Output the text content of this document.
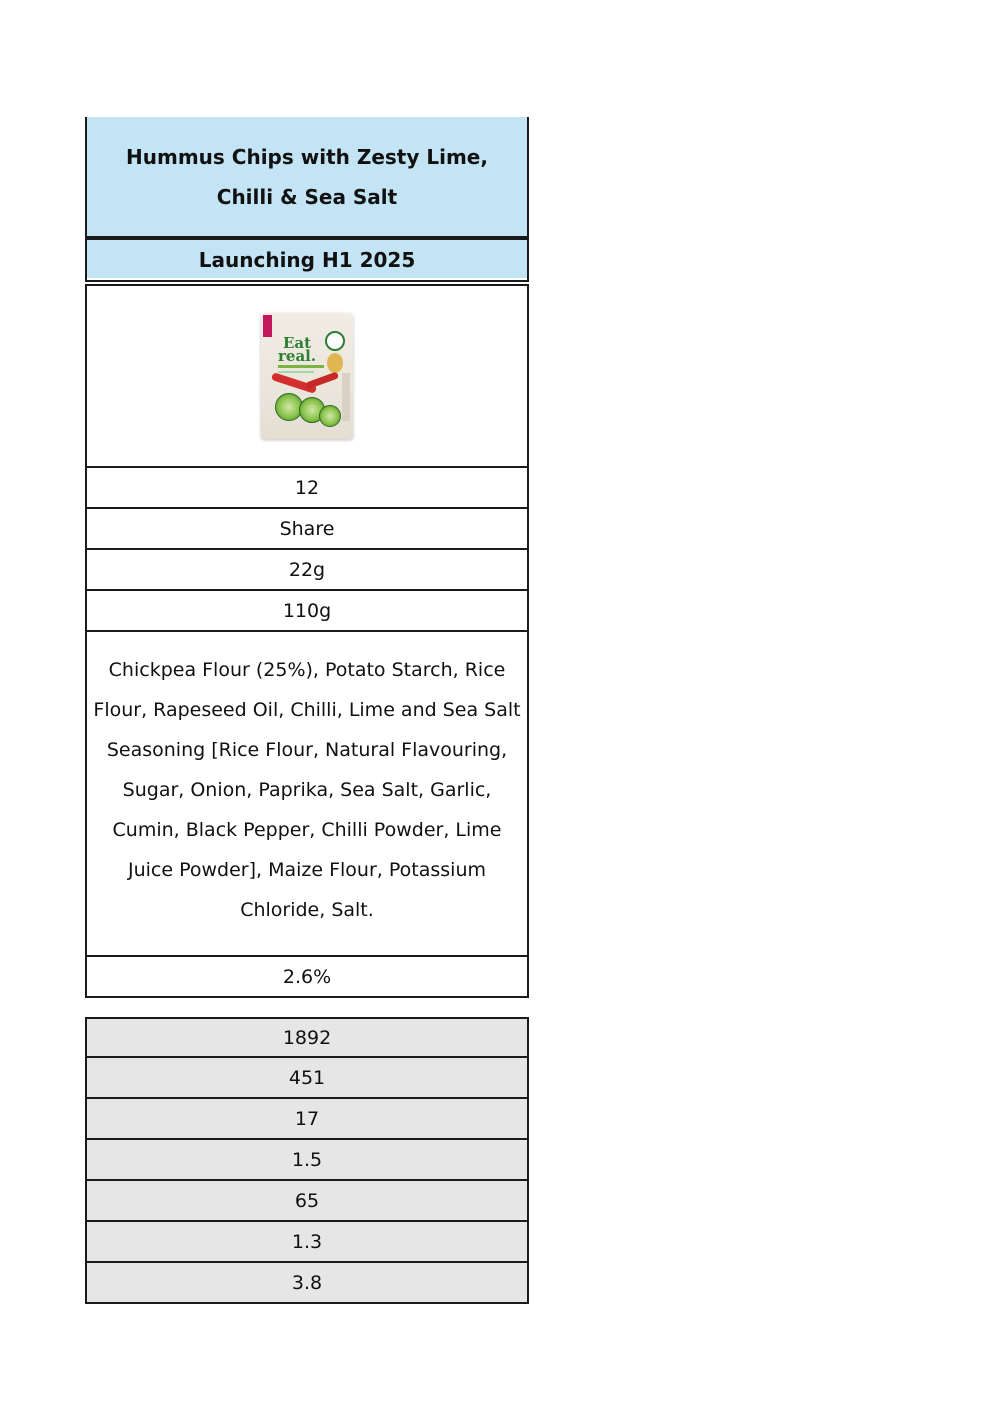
Hummus Chips with Zesty Lime, Chilli & Sea Salt
Launching H1 2025
Eat
real.
12
Share
22g
110g
Chickpea Flour (25%), Potato Starch, Rice Flour, Rapeseed Oil, Chilli, Lime and Sea Salt Seasoning [Rice Flour, Natural Flavouring, Sugar, Onion, Paprika, Sea Salt, Garlic, Cumin, Black Pepper, Chilli Powder, Lime Juice Powder], Maize Flour, Potassium Chloride, Salt.
2.6%
1892
451
17
1.5
65
1.3
3.8
